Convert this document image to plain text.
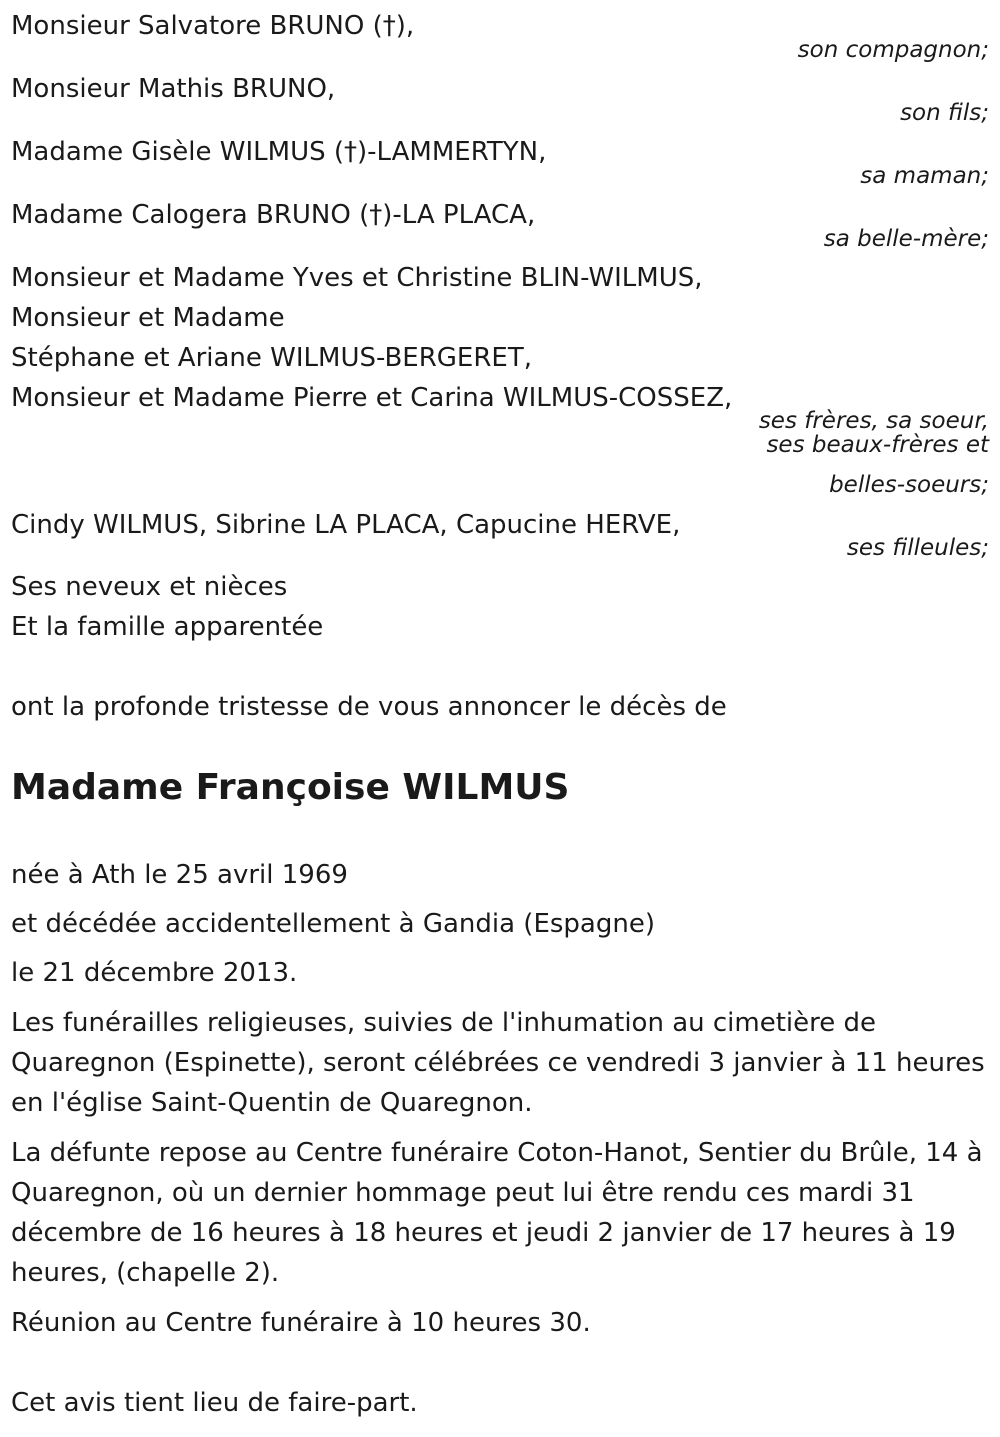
Monsieur Salvatore BRUNO (†),
son compagnon;
Monsieur Mathis BRUNO,
son fils;
Madame Gisèle WILMUS (†)-LAMMERTYN,
sa maman;
Madame Calogera BRUNO (†)-LA PLACA,
sa belle-mère;
Monsieur et Madame Yves et Christine BLIN-WILMUS,
Monsieur et Madame
Stéphane et Ariane WILMUS-BERGERET,
Monsieur et Madame Pierre et Carina WILMUS-COSSEZ,
ses frères, sa soeur,
ses beaux-frères et
belles-soeurs;
Cindy WILMUS, Sibrine LA PLACA, Capucine HERVE,
ses filleules;
Ses neveux et nièces
Et la famille apparentée
ont la profonde tristesse de vous annoncer le décès de
Madame Françoise WILMUS
née à Ath le 25 avril 1969
et décédée accidentellement à Gandia (Espagne)
le 21 décembre 2013.
Les funérailles religieuses, suivies de l'inhumation au cimetière de Quaregnon (Espinette), seront célébrées ce vendredi 3 janvier à 11 heures en l'église Saint-Quentin de Quaregnon.
La défunte repose au Centre funéraire Coton-Hanot, Sentier du Brûle, 14 à Quaregnon, où un dernier hommage peut lui être rendu ces mardi 31 décembre de 16 heures à 18 heures et jeudi 2 janvier de 17 heures à 19 heures, (chapelle 2).
Réunion au Centre funéraire à 10 heures 30.
Cet avis tient lieu de faire-part.
